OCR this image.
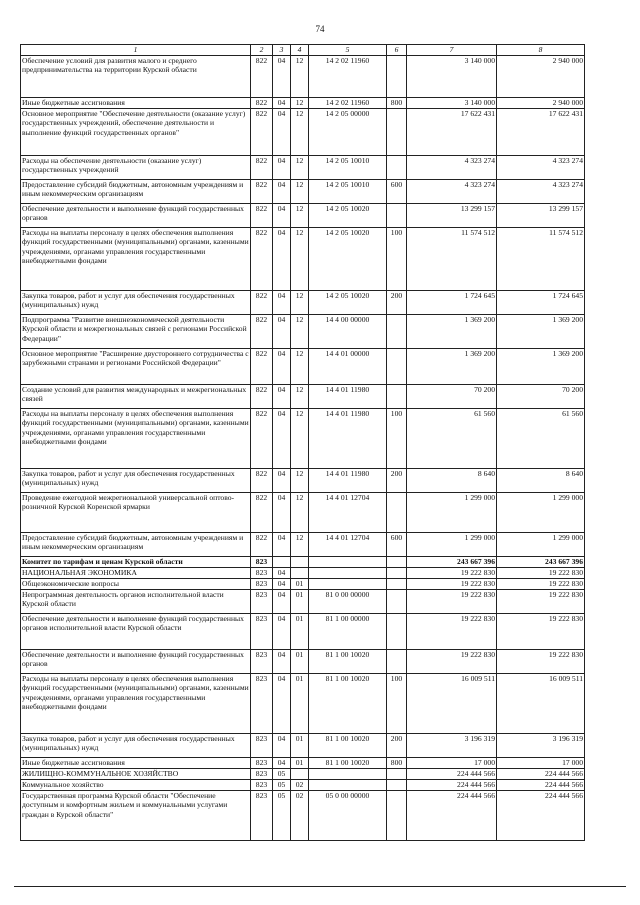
74
1	2	3	4	5	6	7	8
Обеспечение условий для развития малого и среднего предпринимательства на территории Курской области	822	04	12	14 2 02 11960		3 140 000	2 940 000
Иные бюджетные ассигнования	822	04	12	14 2 02 11960	800	3 140 000	2 940 000
Основное мероприятие "Обеспечение деятельности (оказание услуг) государственных учреждений, обеспечение деятельности и выполнение функций государственных органов"	822	04	12	14 2 05 00000		17 622 431	17 622 431
Расходы на обеспечение деятельности (оказание услуг) государственных учреждений	822	04	12	14 2 05 10010		4 323 274	4 323 274
Предоставление субсидий бюджетным, автономным учреждениям и иным некоммерческим организациям	822	04	12	14 2 05 10010	600	4 323 274	4 323 274
Обеспечение деятельности и выполнение функций государственных органов	822	04	12	14 2 05 10020		13 299 157	13 299 157
Расходы на выплаты персоналу в целях обеспечения выполнения функций государственными (муниципальными) органами, казенными учреждениями, органами управления государственными внебюджетными фондами	822	04	12	14 2 05 10020	100	11 574 512	11 574 512
Закупка товаров, работ и услуг для обеспечения государственных (муниципальных) нужд	822	04	12	14 2 05 10020	200	1 724 645	1 724 645
Подпрограмма "Развитие внешнеэкономической деятельности Курской области и межрегиональных связей с регионами Российской Федерации"	822	04	12	14 4 00 00000		1 369 200	1 369 200
Основное мероприятие "Расширение двустороннего сотрудничества с зарубежными странами и регионами Российской Федерации"	822	04	12	14 4 01 00000		1 369 200	1 369 200
Создание условий для развития международных и межрегиональных связей	822	04	12	14 4 01 11980		70 200	70 200
Расходы на выплаты персоналу в целях обеспечения выполнения функций государственными (муниципальными) органами, казенными учреждениями, органами управления государственными внебюджетными фондами	822	04	12	14 4 01 11980	100	61 560	61 560
Закупка товаров, работ и услуг для обеспечения государственных (муниципальных) нужд	822	04	12	14 4 01 11980	200	8 640	8 640
Проведение ежегодной межрегиональной универсальной оптово-розничной Курской Коренской ярмарки	822	04	12	14 4 01 12704		1 299 000	1 299 000
Предоставление субсидий бюджетным, автономным учреждениям и иным некоммерческим организациям	822	04	12	14 4 01 12704	600	1 299 000	1 299 000
Комитет по тарифам и ценам Курской области	823					243 667 396	243 667 396
НАЦИОНАЛЬНАЯ ЭКОНОМИКА	823	04				19 222 830	19 222 830
Общеэкономические вопросы	823	04	01			19 222 830	19 222 830
Непрограммная деятельность органов исполнительной власти Курской области	823	04	01	81 0 00 00000		19 222 830	19 222 830
Обеспечение деятельности и выполнение функций государственных органов исполнительной власти Курской области	823	04	01	81 1 00 00000		19 222 830	19 222 830
Обеспечение деятельности и выполнение функций государственных органов	823	04	01	81 1 00 10020		19 222 830	19 222 830
Расходы на выплаты персоналу в целях обеспечения выполнения функций государственными (муниципальными) органами, казенными учреждениями, органами управления государственными внебюджетными фондами	823	04	01	81 1 00 10020	100	16 009 511	16 009 511
Закупка товаров, работ и услуг для обеспечения государственных (муниципальных) нужд	823	04	01	81 1 00 10020	200	3 196 319	3 196 319
Иные бюджетные ассигнования	823	04	01	81 1 00 10020	800	17 000	17 000
ЖИЛИЩНО-КОММУНАЛЬНОЕ ХОЗЯЙСТВО	823	05				224 444 566	224 444 566
Коммунальное хозяйство	823	05	02			224 444 566	224 444 566
Государственная программа Курской области "Обеспечение доступным и комфортным жильем и коммунальными услугами граждан в Курской области"	823	05	02	05 0 00 00000		224 444 566	224 444 566
